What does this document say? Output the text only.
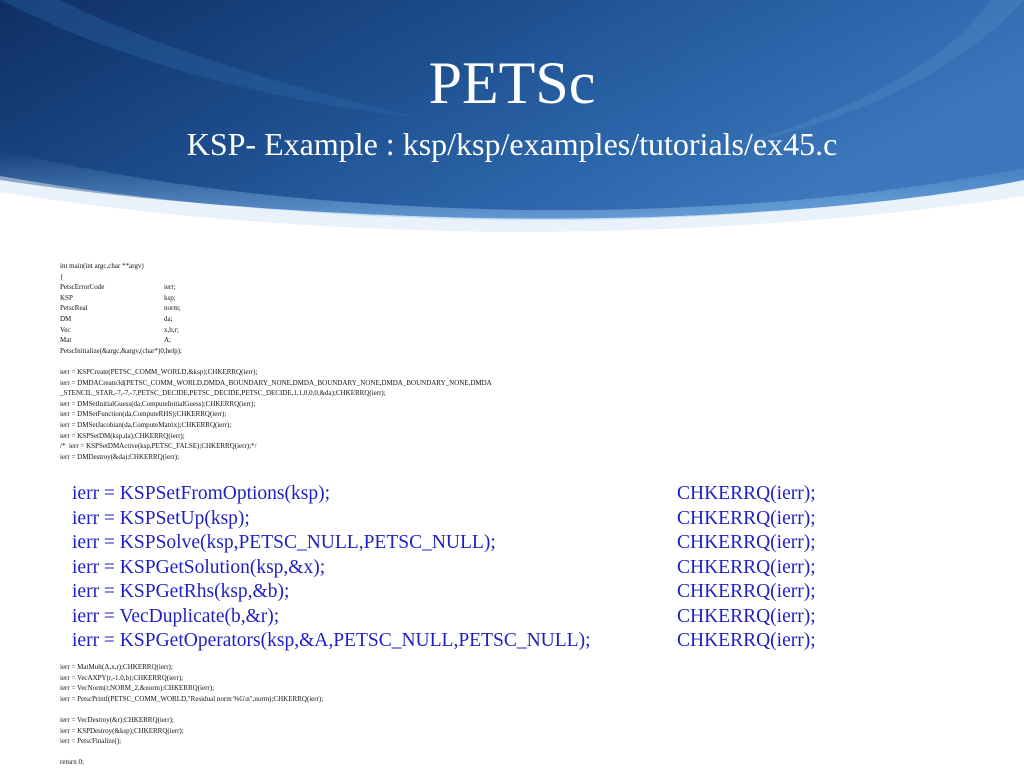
PETSc
KSP- Example : ksp/ksp/examples/tutorials/ex45.c
int main(int argc,char **argv)
{
PetscErrorCode	ierr;
KSP	ksp;
PetscReal	norm;
DM	da;
Vec	x,b,r;
Mat	A;
PetscInitialize(&argc,&argv,(char*)0,help);
ierr = KSPCreate(PETSC_COMM_WORLD,&ksp);CHKERRQ(ierr);
ierr = DMDACreate3d(PETSC_COMM_WORLD,DMDA_BOUNDARY_NONE,DMDA_BOUNDARY_NONE,DMDA_BOUNDARY_NONE,DMDA
_STENCIL_STAR,-7,-7,-7,PETSC_DECIDE,PETSC_DECIDE,PETSC_DECIDE,1,1,0,0,0,&da);CHKERRQ(ierr);
ierr = DMSetInitialGuess(da,ComputeInitialGuess);CHKERRQ(ierr);
ierr = DMSetFunction(da,ComputeRHS);CHKERRQ(ierr);
ierr = DMSetJacobian(da,ComputeMatrix);CHKERRQ(ierr);
ierr = KSPSetDM(ksp,da);CHKERRQ(ierr);
/*  ierr = KSPSetDMActive(ksp,PETSC_FALSE);CHKERRQ(ierr);*/
ierr = DMDestroy(&da);CHKERRQ(ierr);
ierr = KSPSetFromOptions(ksp);	CHKERRQ(ierr);
ierr = KSPSetUp(ksp);	CHKERRQ(ierr);
ierr = KSPSolve(ksp,PETSC_NULL,PETSC_NULL);	CHKERRQ(ierr);
ierr = KSPGetSolution(ksp,&x);	CHKERRQ(ierr);
ierr = KSPGetRhs(ksp,&b);	CHKERRQ(ierr);
ierr = VecDuplicate(b,&r);	CHKERRQ(ierr);
ierr = KSPGetOperators(ksp,&A,PETSC_NULL,PETSC_NULL);	CHKERRQ(ierr);
ierr = MatMult(A,x,r);CHKERRQ(ierr);
ierr = VecAXPY(r,-1.0,b);CHKERRQ(ierr);
ierr = VecNorm(r,NORM_2,&norm);CHKERRQ(ierr);
ierr = PetscPrintf(PETSC_COMM_WORLD,"Residual norm %G\n",norm);CHKERRQ(ierr);
ierr = VecDestroy(&r);CHKERRQ(ierr);
ierr = KSPDestroy(&ksp);CHKERRQ(ierr);
ierr = PetscFinalize();
return 0;
